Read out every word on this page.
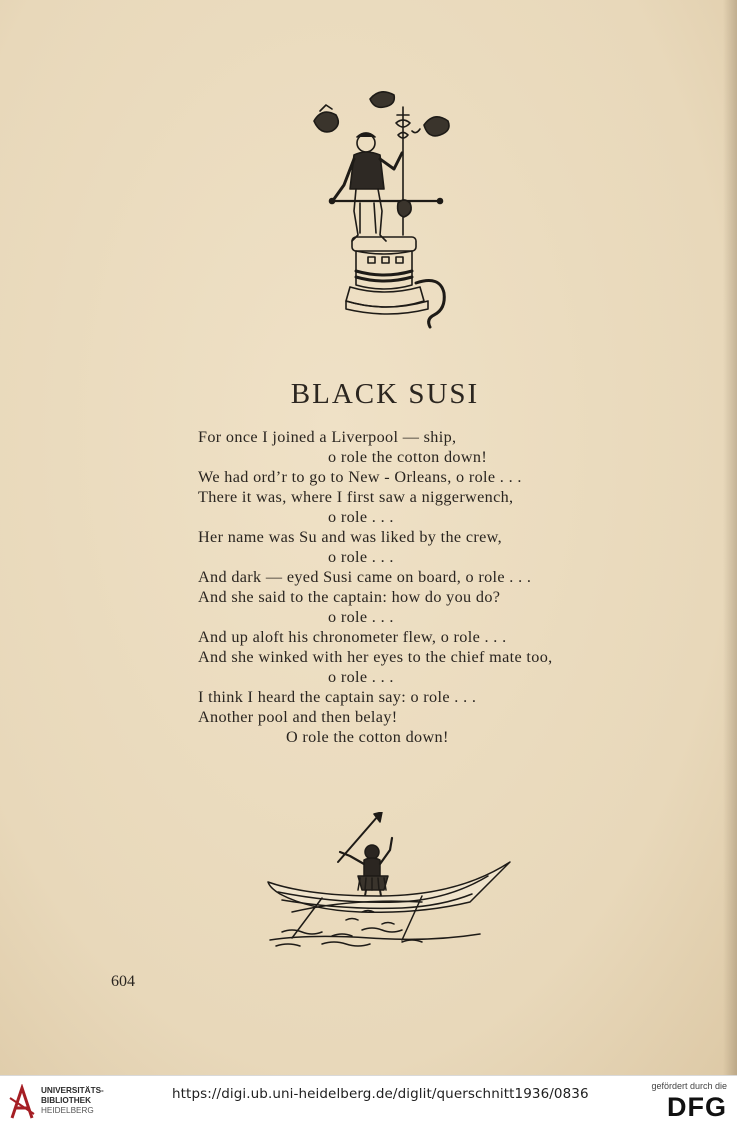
BLACK SUSI
For once I joined a Liverpool — ship,
o role the cotton down!
We had ord’r to go to New - Orleans, o role . . .
There it was, where I first saw a niggerwench,
o role . . .
Her name was Su and was liked by the crew,
o role . . .
And dark — eyed Susi came on board, o role . . .
And she said to the captain: how do you do?
o role . . .
And up aloft his chronometer flew, o role . . .
And she winked with her eyes to the chief mate too,
o role . . .
I think I heard the captain say: o role . . .
Another pool and then belay!
O role the cotton down!
604
UNIVERSITÄTS-
BIBLIOTHEK
HEIDELBERG
https://digi.ub.uni-heidelberg.de/diglit/querschnitt1936/0836	gefördert durch die
DFG
